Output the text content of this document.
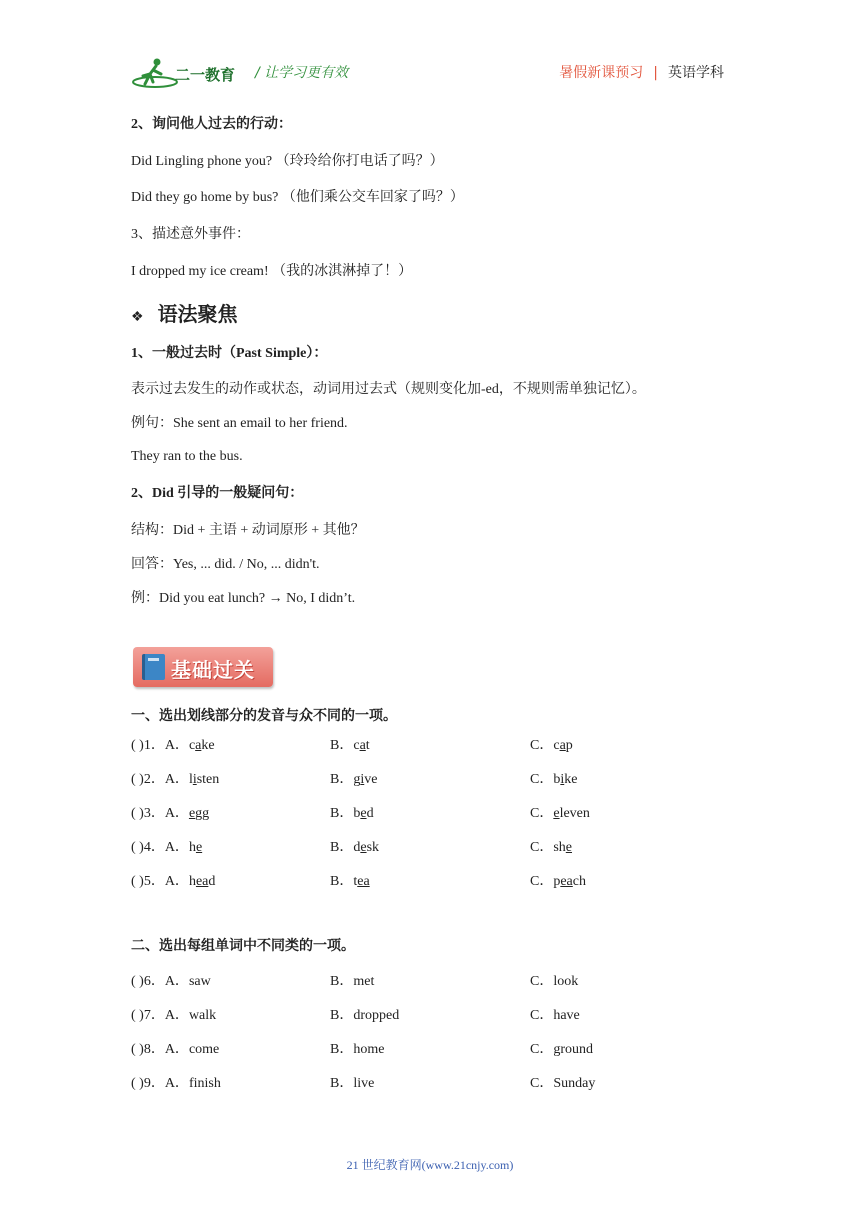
二一教育 / 让学习更有效	暑假新课预习 | 英语学科
2、询问他人过去的行动：
Did Lingling phone you? （玲玲给你打电话了吗？）
Did they go home by bus? （他们乘公交车回家了吗？）
3、描述意外事件：
I dropped my ice cream! （我的冰淇淋掉了！）
❖ 语法聚焦
1、一般过去时（Past Simple）：
表示过去发生的动作或状态，动词用过去式（规则变化加-ed，不规则需单独记忆）。
例句：She sent an email to her friend.
They ran to the bus.
2、Did 引导的一般疑问句：
结构：Did + 主语 + 动词原形 + 其他？
回答：Yes, ... did. / No, ... didn't.
例：Did you eat lunch? → No, I didn’t.
基础过关
一、选出划线部分的发音与众不同的一项。
二、选出每组单词中不同类的一项。
21 世纪教育网(www.21cnjy.com)
( )1．A．cake	B．cat	C．cap
( )2．A．listen	B．give	C．bike
( )3．A．egg	B．bed	C．eleven
( )4．A．he	B．desk	C．she
( )5．A．head	B．tea	C．peach
( )6．A．saw	B．met	C．look
( )7．A．walk	B．dropped	C．have
( )8．A．come	B．home	C．ground
( )9．A．finish	B．live	C．Sunday
